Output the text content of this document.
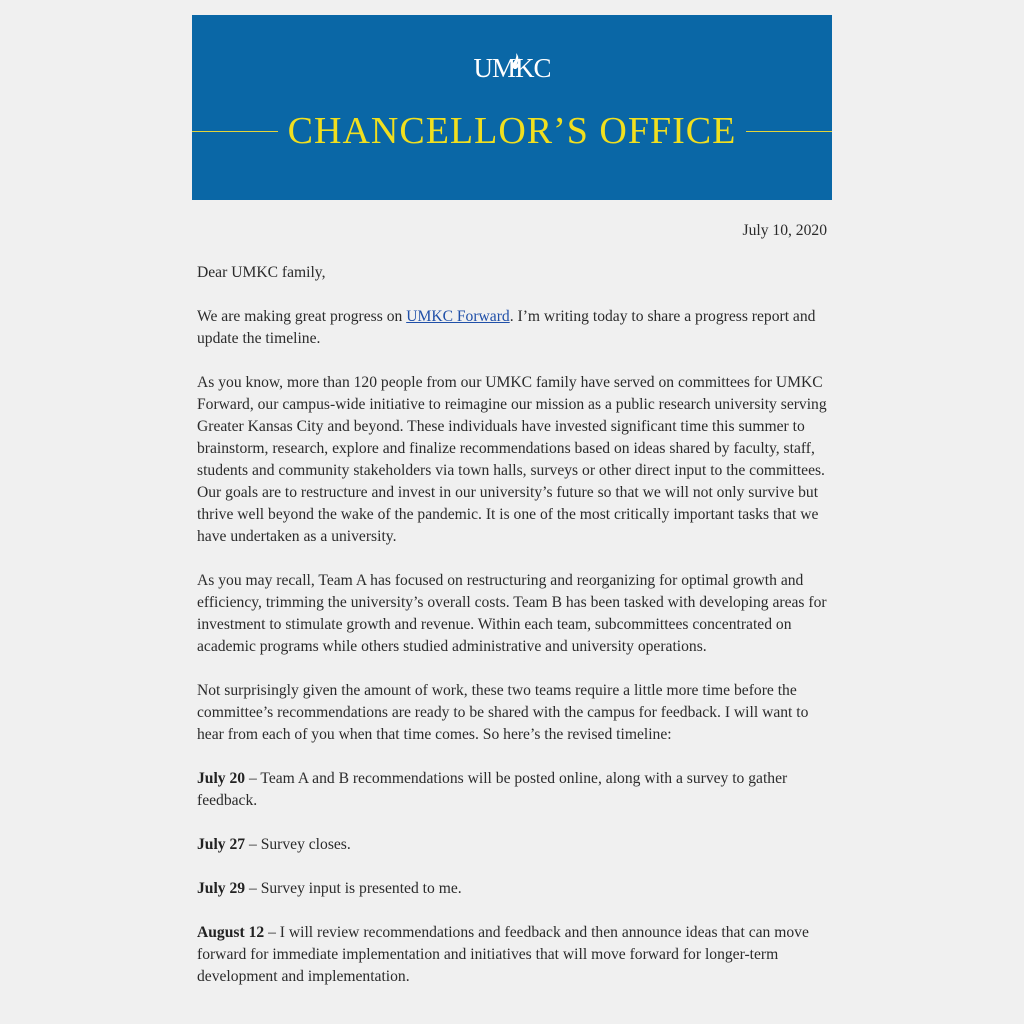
UMKC
CHANCELLOR’S OFFICE
July 10, 2020

Dear UMKC family,

We are making great progress on UMKC Forward. I’m writing today to share a progress report and update the timeline.

As you know, more than 120 people from our UMKC family have served on committees for UMKC Forward, our campus-wide initiative to reimagine our mission as a public research university serving Greater Kansas City and beyond. These individuals have invested significant time this summer to brainstorm, research, explore and finalize recommendations based on ideas shared by faculty, staff, students and community stakeholders via town halls, surveys or other direct input to the committees. Our goals are to restructure and invest in our university’s future so that we will not only survive but thrive well beyond the wake of the pandemic. It is one of the most critically important tasks that we have undertaken as a university.

As you may recall, Team A has focused on restructuring and reorganizing for optimal growth and efficiency, trimming the university’s overall costs. Team B has been tasked with developing areas for investment to stimulate growth and revenue. Within each team, subcommittees concentrated on academic programs while others studied administrative and university operations.

Not surprisingly given the amount of work, these two teams require a little more time before the committee’s recommendations are ready to be shared with the campus for feedback. I will want to hear from each of you when that time comes. So here’s the revised timeline:

July 20 – Team A and B recommendations will be posted online, along with a survey to gather feedback.

July 27 – Survey closes.

July 29 – Survey input is presented to me.

August 12 – I will review recommendations and feedback and then announce ideas that can move forward for immediate implementation and initiatives that will move forward for longer-term development and implementation.
